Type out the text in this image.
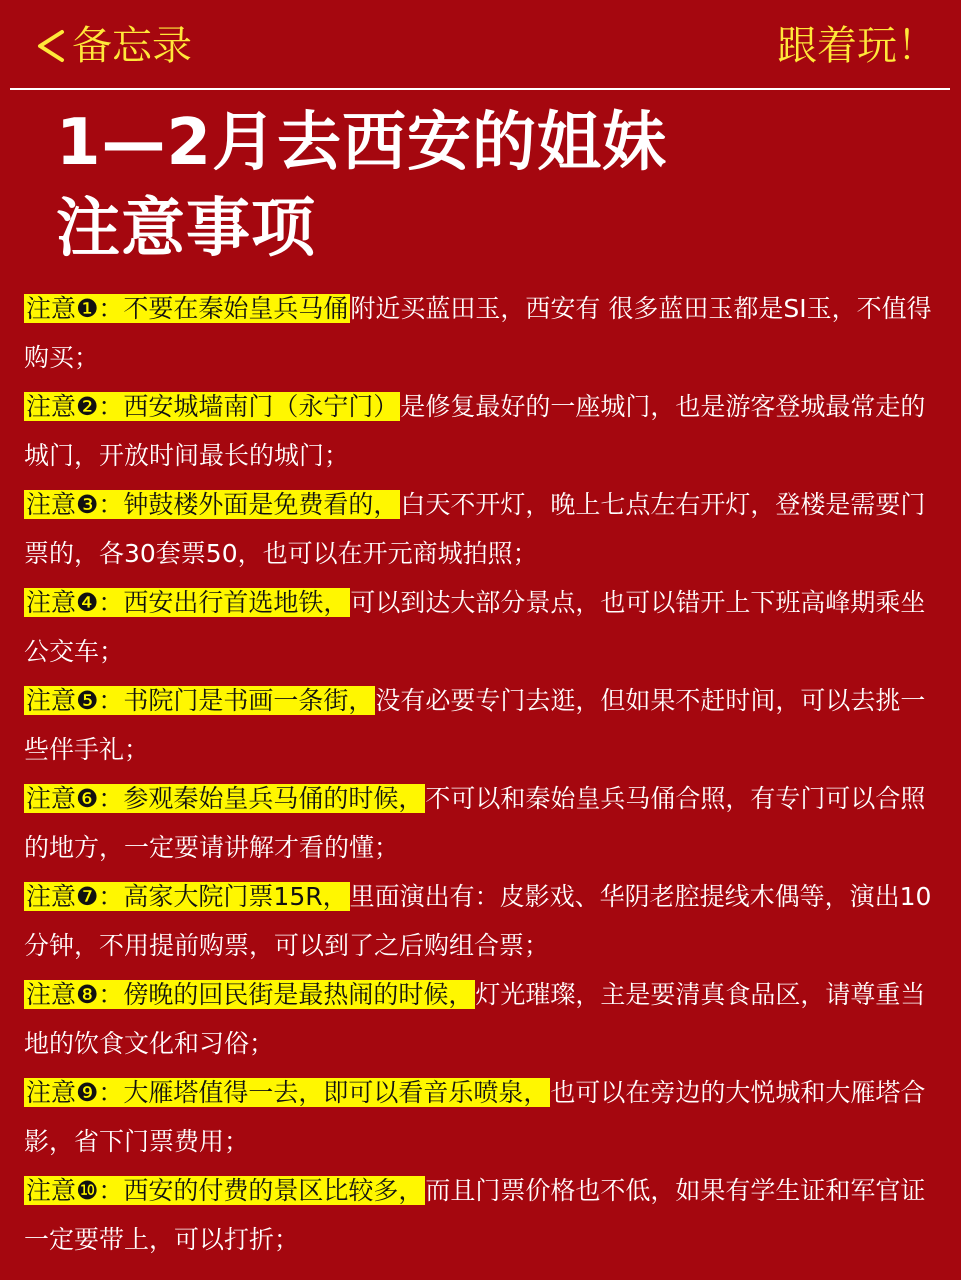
备忘录	跟着玩！
1—2月去西安的姐妹
注意事项

注意❶：不要在秦始皇兵马俑附近买蓝田玉，西安有 很多蓝田玉都是SI玉，不值得购买；

注意❷：西安城墙南门（永宁门）是修复最好的一座城门，也是游客登城最常走的城门，开放时间最长的城门；

注意❸：钟鼓楼外面是免费看的，白天不开灯，晚上七点左右开灯，登楼是需要门票的，各30套票50，也可以在开元商城拍照；

注意❹：西安出行首选地铁，可以到达大部分景点，也可以错开上下班高峰期乘坐公交车；

注意❺：书院门是书画一条街，没有必要专门去逛，但如果不赶时间，可以去挑一些伴手礼；

注意❻：参观秦始皇兵马俑的时候，不可以和秦始皇兵马俑合照，有专门可以合照的地方，一定要请讲解才看的懂；

注意❼：高家大院门票15R，里面演出有：皮影戏、华阴老腔提线木偶等，演出10分钟，不用提前购票，可以到了之后购组合票；

注意❽：傍晚的回民街是最热闹的时候，灯光璀璨，主是要清真食品区，请尊重当地的饮食文化和习俗；

注意❾：大雁塔值得一去，即可以看音乐喷泉，也可以在旁边的大悦城和大雁塔合影，省下门票费用；

注意❿：西安的付费的景区比较多，而且门票价格也不低，如果有学生证和军官证一定要带上，可以打折；
